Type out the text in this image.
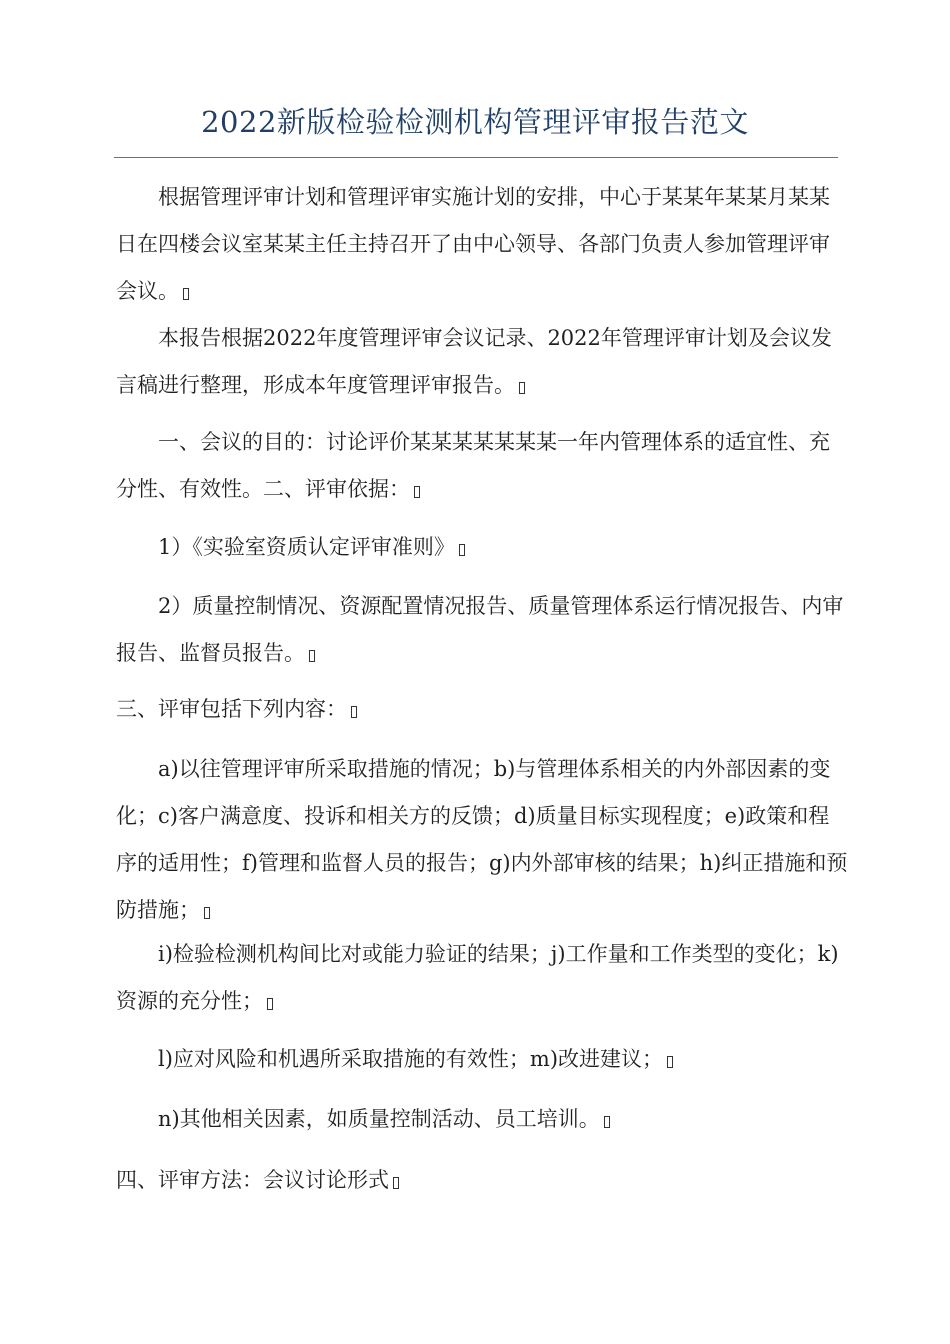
2022新版检验检测机构管理评审报告范文

根据管理评审计划和管理评审实施计划的安排，中心于某某年某某月某某日在四楼会议室某某主任主持召开了由中心领导、各部门负责人参加管理评审会议。

本报告根据2022年度管理评审会议记录、2022年管理评审计划及会议发言稿进行整理，形成本年度管理评审报告。

一、会议的目的：讨论评价某某某某某某某一年内管理体系的适宜性、充分性、有效性。二、评审依据：

1）《实验室资质认定评审准则》

2）质量控制情况、资源配置情况报告、质量管理体系运行情况报告、内审报告、监督员报告。

三、评审包括下列内容：

a)以往管理评审所采取措施的情况；b)与管理体系相关的内外部因素的变化；c)客户满意度、投诉和相关方的反馈；d)质量目标实现程度；e)政策和程序的适用性；f)管理和监督人员的报告；g)内外部审核的结果；h)纠正措施和预防措施；

i)检验检测机构间比对或能力验证的结果；j)工作量和工作类型的变化；k)资源的充分性；

l)应对风险和机遇所采取措施的有效性；m)改进建议；

n)其他相关因素，如质量控制活动、员工培训。

四、评审方法：会议讨论形式
